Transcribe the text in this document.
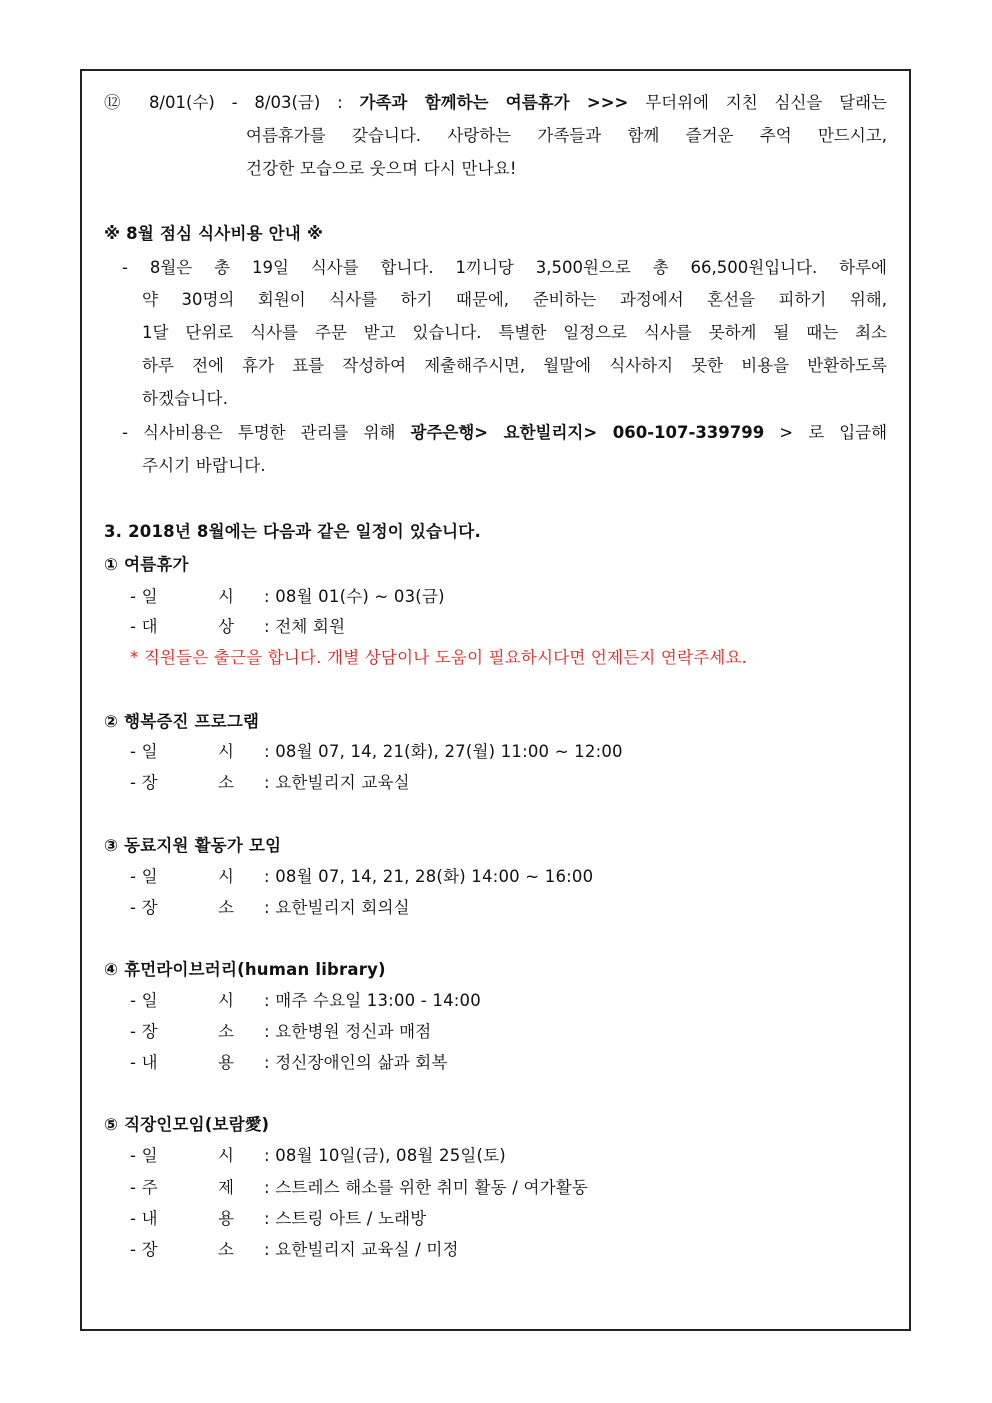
⑫ 8/01(수) - 8/03(금) : 가족과 함께하는 여름휴가 >>> 무더위에 지친 심신을 달래는
여름휴가를 갖습니다. 사랑하는 가족들과 함께 즐거운 추억 만드시고,
건강한 모습으로 웃으며 다시 만나요!
※ 8월 점심 식사비용 안내 ※
- 8월은 총 19일 식사를 합니다. 1끼니당 3,500원으로 총 66,500원입니다. 하루에
약 30명의 회원이 식사를 하기 때문에, 준비하는 과정에서 혼선을 피하기 위해,
1달 단위로 식사를 주문 받고 있습니다. 특별한 일정으로 식사를 못하게 될 때는 최소
하루 전에 휴가 표를 작성하여 제출해주시면, 월말에 식사하지 못한 비용을 반환하도록
하겠습니다.
- 식사비용은 투명한 관리를 위해 광주은행> 요한빌리지> 060-107-339799 > 로 입금해
주시기 바랍니다.
3. 2018년 8월에는 다음과 같은 일정이 있습니다.
① 여름휴가
- 일	시 : 08월 01(수) ~ 03(금)
- 대	상 : 전체 회원
* 직원들은 출근을 합니다. 개별 상담이나 도움이 필요하시다면 언제든지 연락주세요.
② 행복증진 프로그램
- 일	시 : 08월 07, 14, 21(화), 27(월) 11:00 ~ 12:00
- 장	소 : 요한빌리지 교육실
③ 동료지원 활동가 모임
- 일	시 : 08월 07, 14, 21, 28(화) 14:00 ~ 16:00
- 장	소 : 요한빌리지 회의실
④ 휴먼라이브러리(human library)
- 일	시 : 매주 수요일 13:00 - 14:00
- 장	소 : 요한병원 정신과 매점
- 내	용 : 정신장애인의 삶과 회복
⑤ 직장인모임(보람愛)
- 일	시 : 08월 10일(금), 08월 25일(토)
- 주	제 : 스트레스 해소를 위한 취미 활동 / 여가활동
- 내	용 : 스트링 아트 / 노래방
- 장	소 : 요한빌리지 교육실 / 미정
